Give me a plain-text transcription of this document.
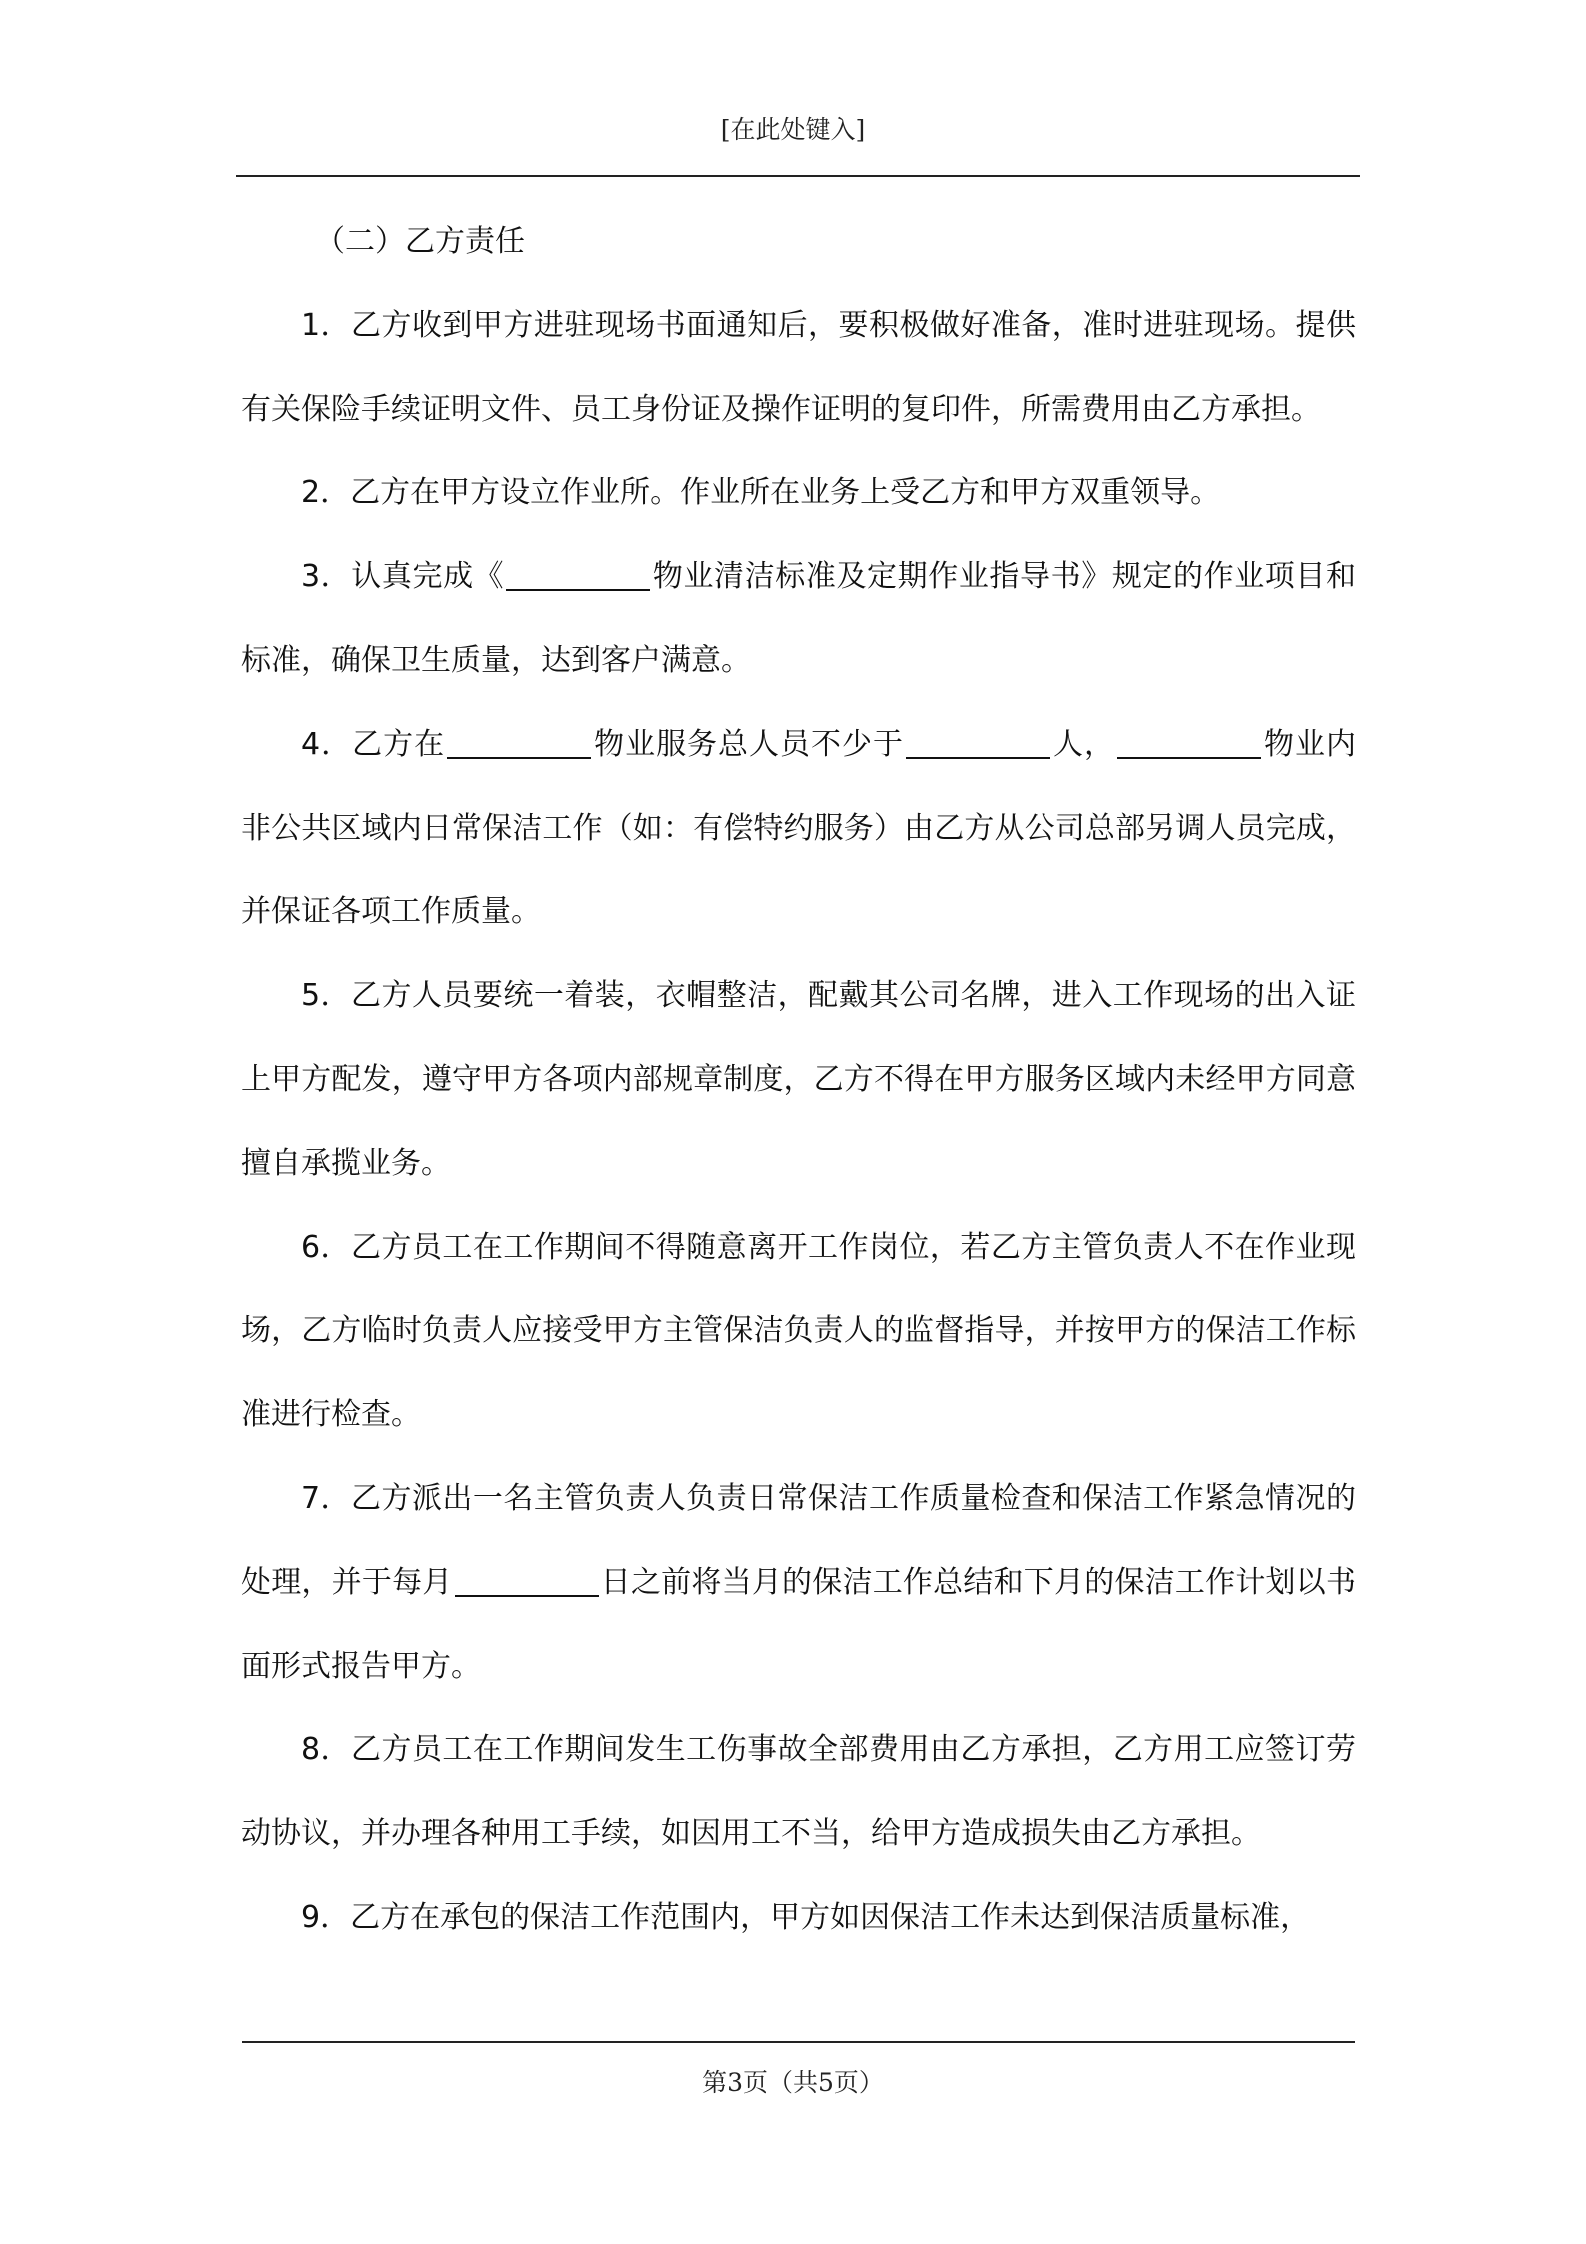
[在此处键入]

（二）乙方责任

1．乙方收到甲方进驻现场书面通知后，要积极做好准备，准时进驻现场。提供有关保险手续证明文件、员工身份证及操作证明的复印件，所需费用由乙方承担。

2．乙方在甲方设立作业所。作业所在业务上受乙方和甲方双重领导。

3．认真完成《	物业清洁标准及定期作业指导书》规定的作业项目和标准，确保卫生质量，达到客户满意。

4．乙方在	物业服务总人员不少于	人，	物业内非公共区域内日常保洁工作（如：有偿特约服务）由乙方从公司总部另调人员完成，并保证各项工作质量。

5．乙方人员要统一着装，衣帽整洁，配戴其公司名牌，进入工作现场的出入证上甲方配发，遵守甲方各项内部规章制度，乙方不得在甲方服务区域内未经甲方同意擅自承揽业务。

6．乙方员工在工作期间不得随意离开工作岗位，若乙方主管负责人不在作业现场，乙方临时负责人应接受甲方主管保洁负责人的监督指导，并按甲方的保洁工作标准进行检查。

7．乙方派出一名主管负责人负责日常保洁工作质量检查和保洁工作紧急情况的处理，并于每月	日之前将当月的保洁工作总结和下月的保洁工作计划以书面形式报告甲方。

8．乙方员工在工作期间发生工伤事故全部费用由乙方承担，乙方用工应签订劳动协议，并办理各种用工手续，如因用工不当，给甲方造成损失由乙方承担。

9．乙方在承包的保洁工作范围内，甲方如因保洁工作未达到保洁质量标准，

第3页（共5页）
